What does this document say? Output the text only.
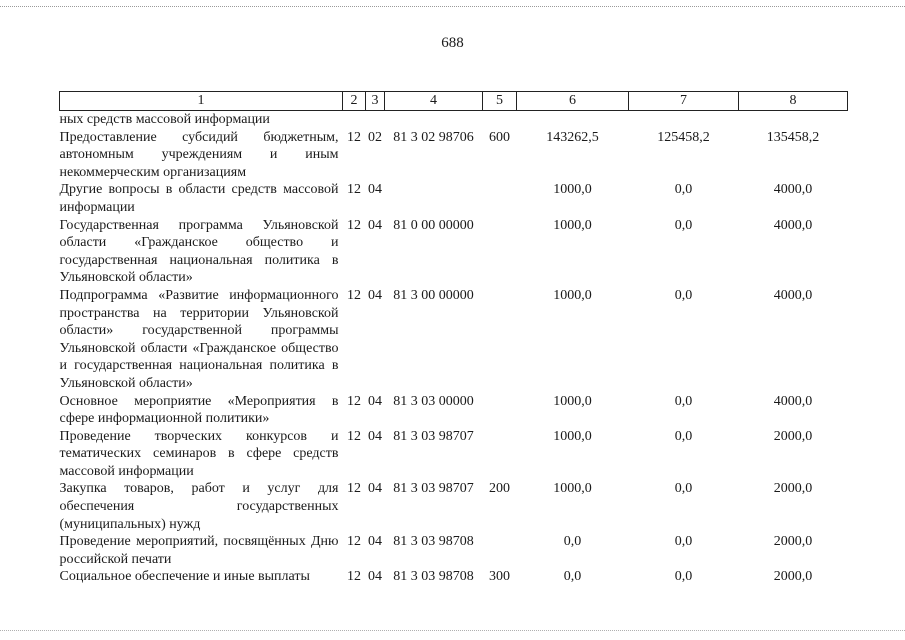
688
1	2	3	4	5	6	7	8
ных средств массовой информации							
Предоставление субсидий бюджетным, автономным учреждениям и иным некоммерческим организациям	12	02	81 3 02 98706	600	143262,5	125458,2	135458,2
Другие вопросы в области средств массовой информации	12	04			1000,0	0,0	4000,0
Государственная программа Ульяновской области «Гражданское общество и государственная национальная политика в Ульяновской области»	12	04	81 0 00 00000		1000,0	0,0	4000,0
Подпрограмма «Развитие информационного пространства на территории Ульяновской области» государственной программы Ульяновской области «Гражданское общество и государственная национальная политика в Ульяновской области»	12	04	81 3 00 00000		1000,0	0,0	4000,0
Основное мероприятие «Мероприятия в сфере информационной политики»	12	04	81 3 03 00000		1000,0	0,0	4000,0
Проведение творческих конкурсов и тематических семинаров в сфере средств массовой информации	12	04	81 3 03 98707		1000,0	0,0	2000,0
Закупка товаров, работ и услуг для обеспечения государственных (муниципальных) нужд	12	04	81 3 03 98707	200	1000,0	0,0	2000,0
Проведение мероприятий, посвящённых Дню российской печати	12	04	81 3 03 98708		0,0	0,0	2000,0
Социальное обеспечение и иные выплаты	12	04	81 3 03 98708	300	0,0	0,0	2000,0
